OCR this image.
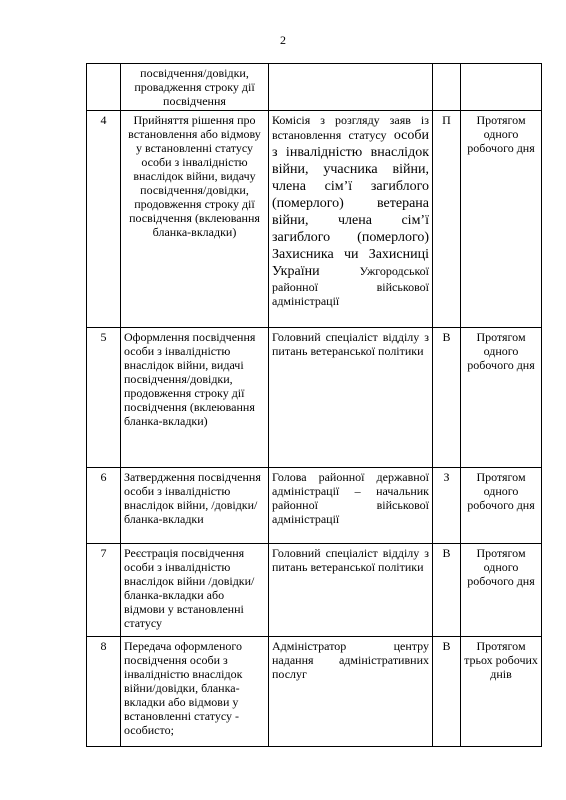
2
	посвідчення/довідки, провадження строку дії посвідчення			
4	Прийняття рішення про встановлення або відмову у встановленні статусу особи з інвалідністю внаслідок війни, видачу посвідчення/довідки, продовження строку дії посвідчення (вклеювання бланка-вкладки)	Комісія з розгляду заяв із встановлення статусу особи з інвалідністю внаслідок війни, учасника війни, члена сім’ї загиблого (померлого) ветерана війни, члена сім’ї загиблого (померлого) Захисника чи Захисниці України Ужгородської районної військової адміністрації	П	Протягом одного робочого дня
5	Оформлення посвідчення особи з інвалідністю внаслідок війни, видачі посвідчення/довідки, продовження строку дії посвідчення (вклеювання бланка-вкладки)	Головний спеціаліст відділу з питань ветеранської політики	В	Протягом одного робочого дня
6	Затвердження посвідчення особи з інвалідністю внаслідок війни, /довідки/ бланка-вкладки	Голова районної державної адміністрації – начальник районної військової адміністрації	З	Протягом одного робочого дня
7	Реєстрація посвідчення особи з інвалідністю внаслідок війни /довідки/бланка-вкладки або відмови у встановленні статусу	Головний спеціаліст відділу з питань ветеранської політики	В	Протягом одного робочого дня
8	Передача оформленого посвідчення особи з інвалідністю внаслідок війни/довідки, бланка-вкладки або відмови у встановленні статусу - особисто;	Адміністратор центру надання адміністративних послуг	В	Протягом трьох робочих днів
